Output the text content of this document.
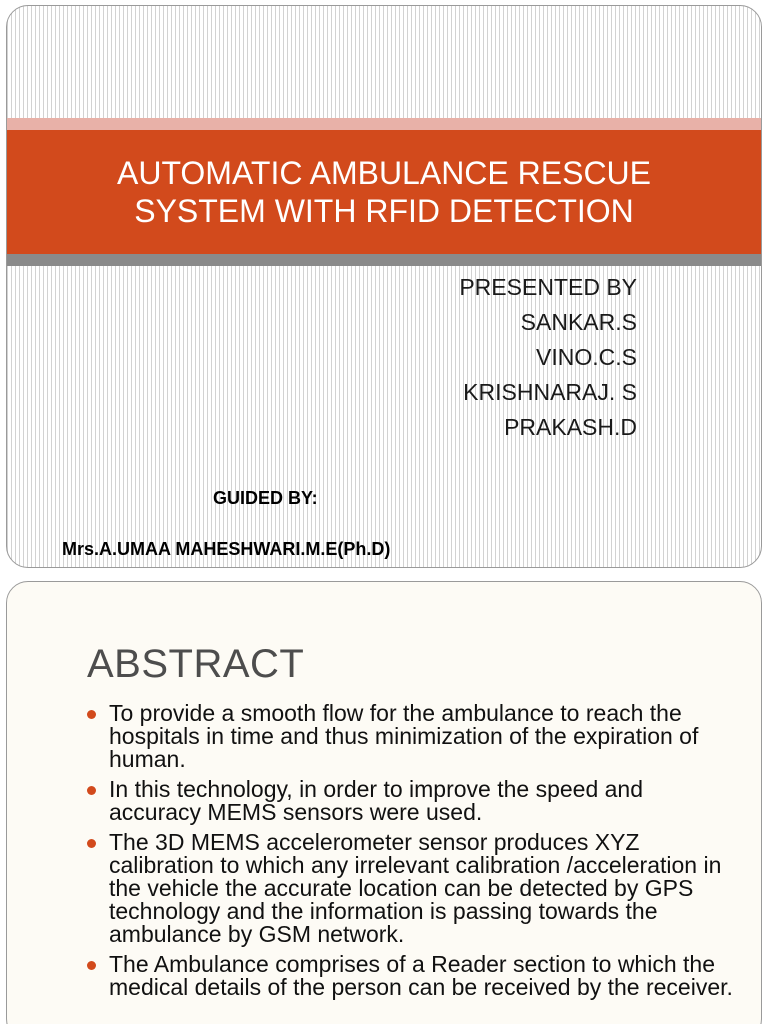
AUTOMATIC AMBULANCE RESCUE
SYSTEM WITH RFID DETECTION
PRESENTED BY
SANKAR.S
VINO.C.S
KRISHNARAJ. S
PRAKASH.D
GUIDED BY:
Mrs.A.UMAA MAHESHWARI.M.E(Ph.D)
ABSTRACT
To provide a smooth flow for the ambulance to reach the hospitals in time and thus minimization of the expiration of human.
In this technology, in order to improve the speed and accuracy MEMS sensors were used.
The 3D MEMS accelerometer sensor produces XYZ calibration to which any irrelevant calibration /acceleration in the vehicle the accurate location can be detected by GPS technology and the information is passing towards the ambulance by GSM network.
The Ambulance comprises of a Reader section to which the medical details of the person can be received by the receiver.
